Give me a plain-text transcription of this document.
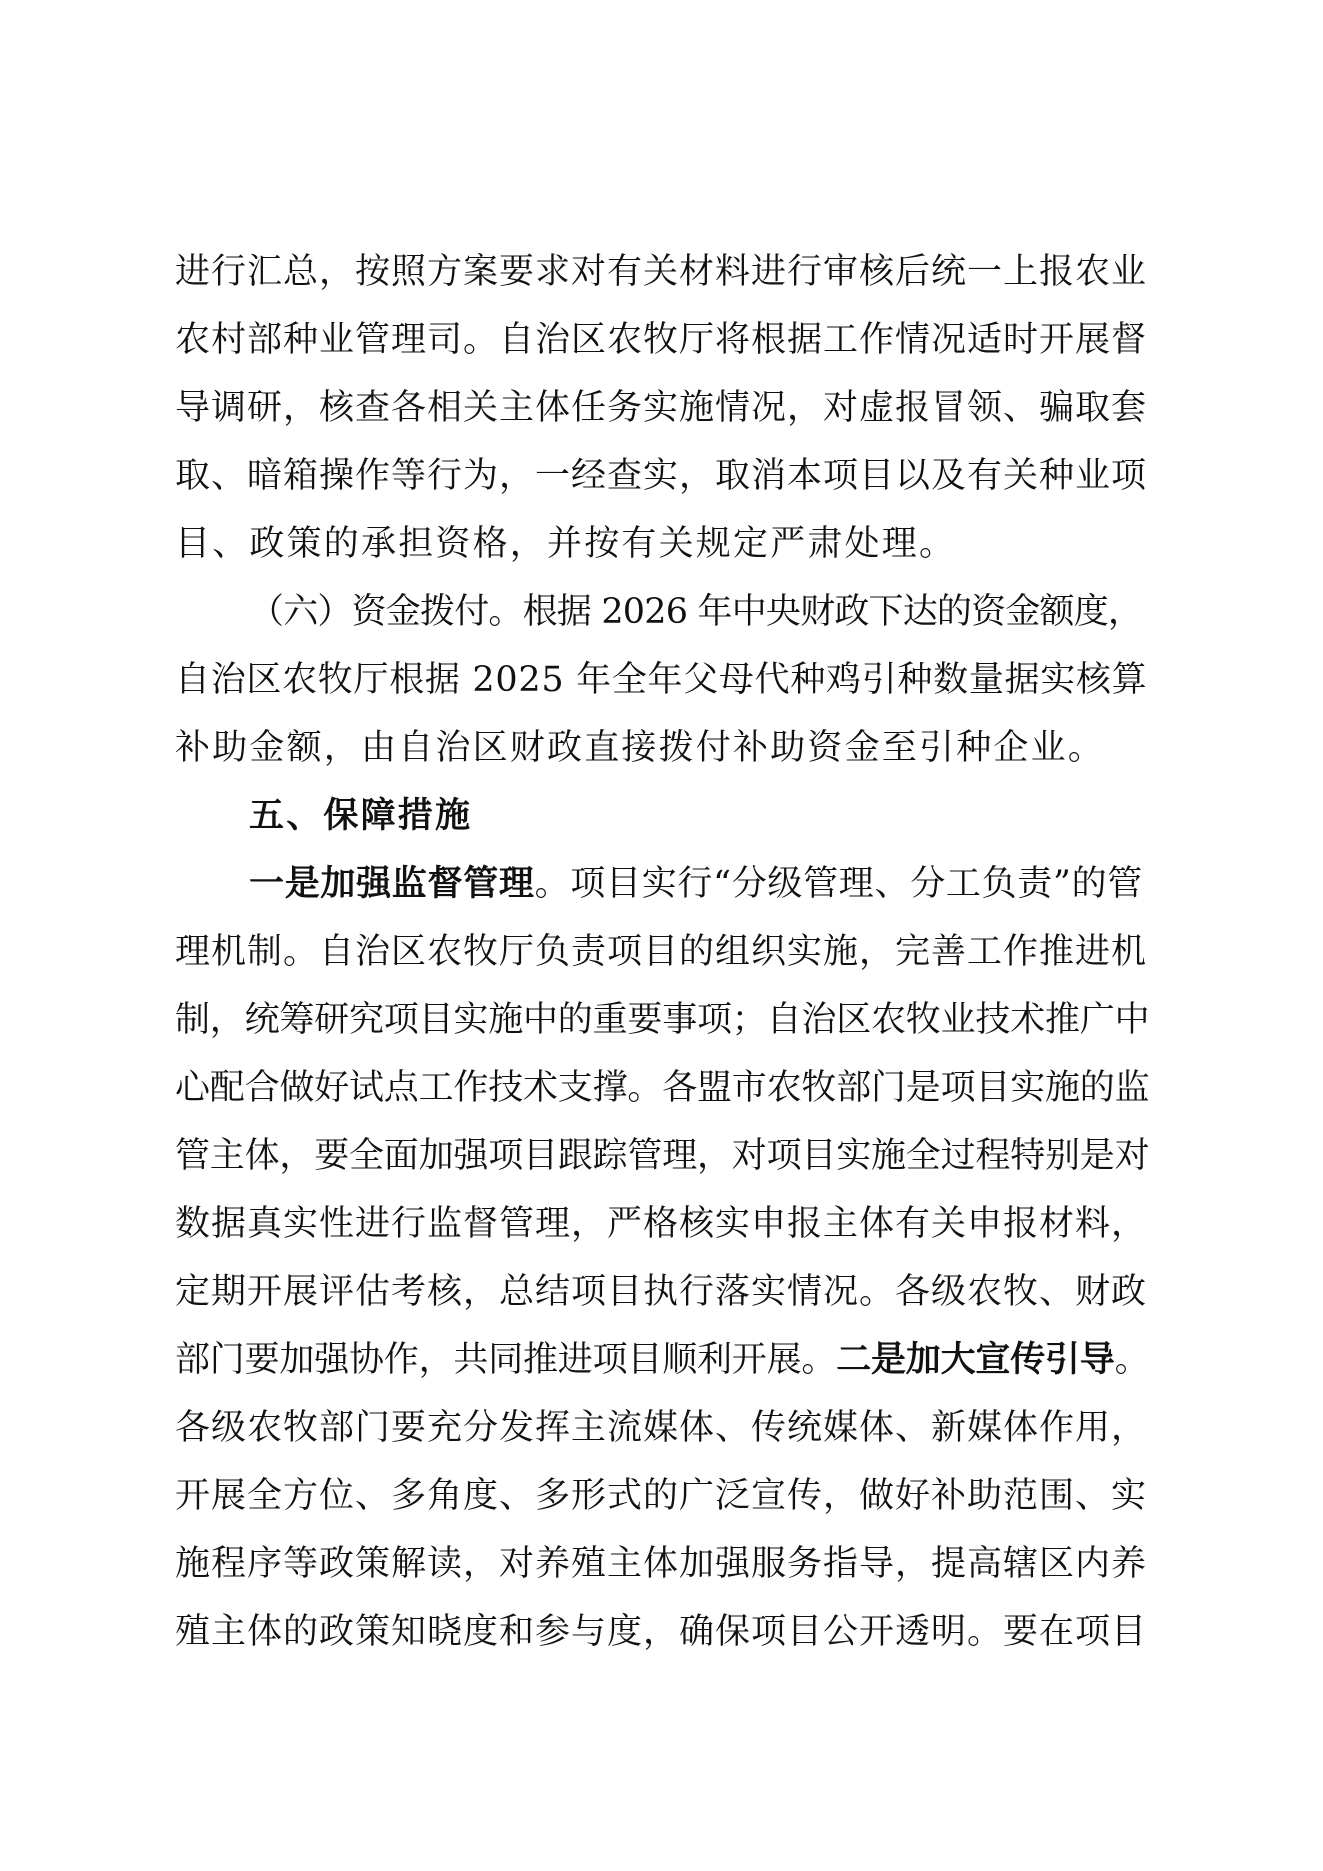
进行汇总，按照方案要求对有关材料进行审核后统一上报农业
农村部种业管理司。自治区农牧厅将根据工作情况适时开展督
导调研，核查各相关主体任务实施情况，对虚报冒领、骗取套
取、暗箱操作等行为，一经查实，取消本项目以及有关种业项
目、政策的承担资格，并按有关规定严肃处理。
（六）资金拨付。根据 2026 年中央财政下达的资金额度，
自治区农牧厅根据 2025 年全年父母代种鸡引种数量据实核算
补助金额，由自治区财政直接拨付补助资金至引种企业。
五、保障措施
一是加强监督管理。项目实行“分级管理、分工负责”的管
理机制。自治区农牧厅负责项目的组织实施，完善工作推进机
制，统筹研究项目实施中的重要事项；自治区农牧业技术推广中
心配合做好试点工作技术支撑。各盟市农牧部门是项目实施的监
管主体，要全面加强项目跟踪管理，对项目实施全过程特别是对
数据真实性进行监督管理，严格核实申报主体有关申报材料，
定期开展评估考核，总结项目执行落实情况。各级农牧、财政
部门要加强协作，共同推进项目顺利开展。二是加大宣传引导。
各级农牧部门要充分发挥主流媒体、传统媒体、新媒体作用，
开展全方位、多角度、多形式的广泛宣传，做好补助范围、实
施程序等政策解读，对养殖主体加强服务指导，提高辖区内养
殖主体的政策知晓度和参与度，确保项目公开透明。要在项目
